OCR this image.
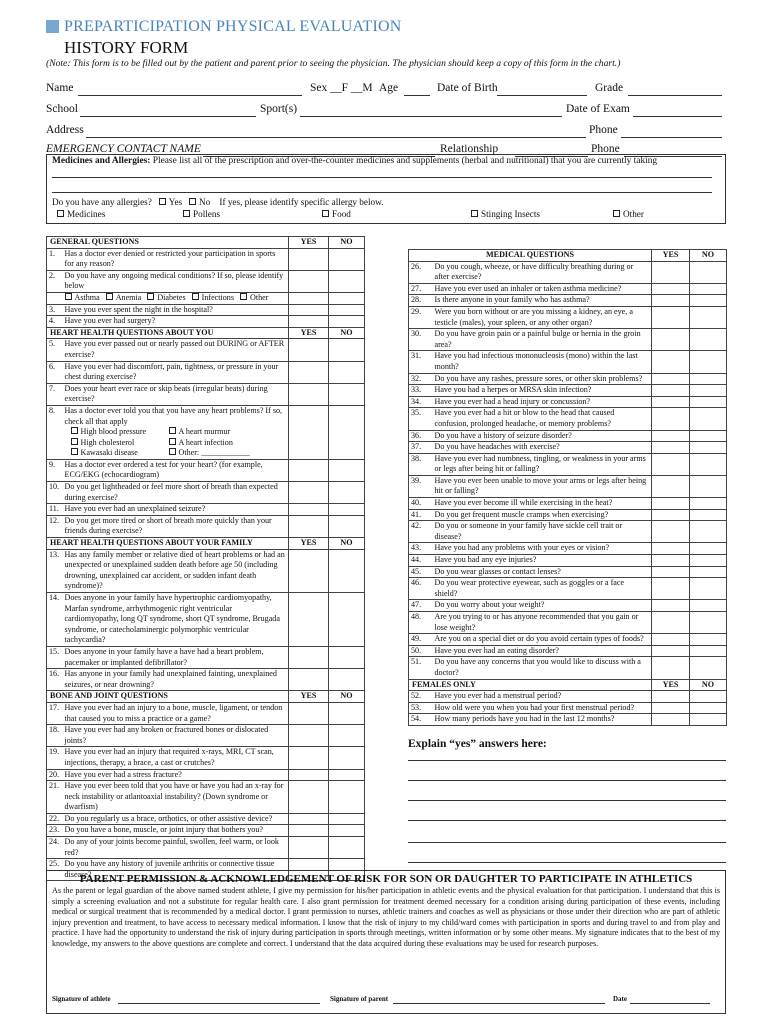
PREPARTICIPATION PHYSICAL EVALUATION
HISTORY FORM
(Note: This form is to be filled out by the patient and parent prior to seeing the physician. The physician should keep a copy of this form in the chart.)
Name	Sex __F __M Age	Date of Birth	Grade
School	Sport(s)	Date of Exam
Address	Phone
EMERGENCY CONTACT NAME	Relationship	Phone
Medicines and Allergies: Please list all of the prescription and over-the-counter medicines and supplements (herbal and nutritional) that you are currently taking
Do you have any allergies? Yes No If yes, please identify specific allergy below.
Medicines	Pollens	Food	Stinging Insects	Other
GENERAL QUESTIONS		YES	NO
1.	Has a doctor ever denied or restricted your participation in sports for any reason?		
2.	Do you have any ongoing medical conditions? If so, please identify below		
	Asthma Anemia Diabetes Infections Other		
3.	Have you ever spent the night in the hospital?		
4.	Have you ever had surgery?		
HEART HEALTH QUESTIONS ABOUT YOU		YES	NO
5.	Have you ever passed out or nearly passed out DURING or AFTER exercise?		
6.	Have you ever had discomfort, pain, tightness, or pressure in your chest during exercise?		
7.	Does your heart ever race or skip beats (irregular beats) during exercise?		
8.	Has a doctor ever told you that you have any heart problems? If so, check all that apply
High blood pressure A heart murmur
High cholesterol A heart infection
Kawasaki disease Other: ____________		

9.	Has a doctor ever ordered a test for your heart? (for example, ECG/EKG (echocardiogram)		
10.	Do you get lightheaded or feel more short of breath than expected during exercise?		
11.	Have you ever had an unexplained seizure?		
12.	Do you get more tired or short of breath more quickly than your friends during exercise?		
HEART HEALTH QUESTIONS ABOUT YOUR FAMILY		YES	NO
13.	Has any family member or relative died of heart problems or had an unexpected or unexplained sudden death before age 50 (including drowning, unexplained car accident, or sudden infant death syndrome)?		
14.	Does anyone in your family have hypertrophic cardiomyopathy, Marfan syndrome, arrhythmogenic right ventricular cardiomyopathy, long QT syndrome, short QT syndrome, Brugada syndrome, or catecholaminergic polymorphic ventricular tachycardia?		
15.	Does anyone in your family have a have had a heart problem, pacemaker or implanted defibrillator?		
16.	Has anyone in your family had unexplained fainting, unexplained seizures, or near drowning?		
BONE AND JOINT QUESTIONS		YES	NO
17.	Have you ever had an injury to a bone, muscle, ligament, or tendon that caused you to miss a practice or a game?		
18.	Have you ever had any broken or fractured bones or dislocated joints?		
19.	Have you ever had an injury that required x-rays, MRI, CT scan, injections, therapy, a brace, a cast or crutches?		
20.	Have you ever had a stress fracture?		
21.	Have you ever been told that you have or have you had an x-ray for neck instability or atlantoaxial instability? (Down syndrome or dwarfism)		
22.	Do you regularly us a brace, orthotics, or other assistive device?		
23.	Do you have a bone, muscle, or joint injury that bothers you?		
24.	Do any of your joints become painful, swollen, feel warm, or look red?		
25.	Do you have any history of juvenile arthritis or connective tissue disease?		
MEDICAL QUESTIONS		YES	NO
26.	Do you cough, wheeze, or have difficulty breathing during or after exercise?		
27.	Have you ever used an inhaler or taken asthma medicine?		
28.	Is there anyone in your family who has asthma?		
29.	Were you born without or are you missing a kidney, an eye, a testicle (males), your spleen, or any other organ?		
30.	Do you have groin pain or a painful bulge or hernia in the groin area?		
31.	Have you had infectious mononucleosis (mono) within the last month?		
32.	Do you have any rashes, pressure sores, or other skin problems?		
33.	Have you had a herpes or MRSA skin infection?		
34.	Have you ever had a head injury or concussion?		
35.	Have you ever had a hit or blow to the head that caused confusion, prolonged headache, or memory problems?		
36.	Do you have a history of seizure disorder?		
37.	Do you have headaches with exercise?		
38.	Have you ever had numbness, tingling, or weakness in your arms or legs after being hit or falling?		
39.	Have you ever been unable to move your arms or legs after being hit or falling?		
40.	Have you ever become ill while exercising in the heat?		
41.	Do you get frequent muscle cramps when exercising?		
42.	Do you or someone in your family have sickle cell trait or disease?		
43.	Have you had any problems with your eyes or vision?		
44.	Have you had any eye injuries?		
45.	Do you wear glasses or contact lenses?		
46.	Do you wear protective eyewear, such as goggles or a face shield?		
47.	Do you worry about your weight?		
48.	Are you trying to or has anyone recommended that you gain or lose weight?		
49.	Are you on a special diet or do you avoid certain types of foods?		
50.	Have you ever had an eating disorder?		
51.	Do you have any concerns that you would like to discuss with a doctor?		
FEMALES ONLY		YES	NO
52.	Have you ever had a menstrual period?		
53.	How old were you when you had your first menstrual period?		
54.	How many periods have you had in the last 12 months?		
Explain “yes” answers here:
PARENT PERMISSION & ACKNOWLEDGEMENT OF RISK FOR SON OR DAUGHTER TO PARTICIPATE IN ATHLETICS
As the parent or legal guardian of the above named student athlete, I give my permission for his/her participation in athletic events and the physical evaluation for that participation. I understand that this is simply a screening evaluation and not a substitute for regular health care. I also grant permission for treatment deemed necessary for a condition arising during participation of these events, including medical or surgical treatment that is recommended by a medical doctor. I grant permission to nurses, athletic trainers and coaches as well as physicians or those under their direction who are part of athletic injury prevention and treatment, to have access to necessary medical information. I know that the risk of injury to my child/ward comes with participation in sports and during travel to and from play and practice. I have had the opportunity to understand the risk of injury during participation in sports through meetings, written information or by some other means. My signature indicates that to the best of my knowledge, my answers to the above questions are complete and correct. I understand that the data acquired during these evaluations may be used for research purposes.
Signature of athlete	Signature of parent	Date
